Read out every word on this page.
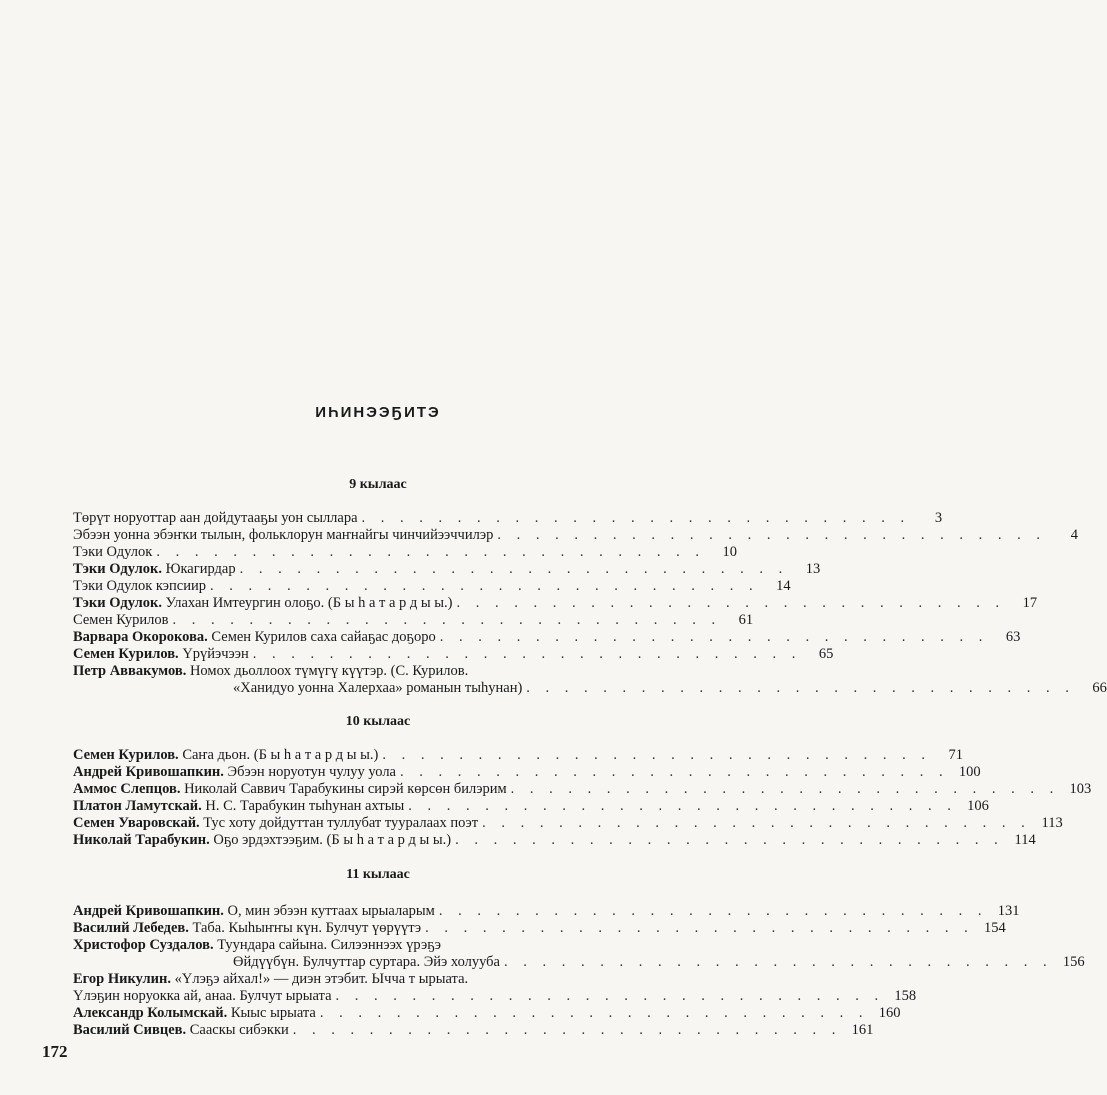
ИҺИНЭЭҔИТЭ
9 кылаас
Төрүт норуоттар аан дойдутааҕы уон сыллара . . . . . . . . . . . . . . . . . . . . . . . . . . . . .	3
Эбээн уонна эбэҥки тылын, фольклорун маҥнайгы чинчийээччилэр . . . . . . . . . . . . . . . . . . . . . . . . . . . . .	4
Тэки Одулок . . . . . . . . . . . . . . . . . . . . . . . . . . . . .	10
Тэки Одулок. Юкагирдар . . . . . . . . . . . . . . . . . . . . . . . . . . . . .	13
Тэки Одулок кэпсиир . . . . . . . . . . . . . . . . . . . . . . . . . . . . .	14
Тэки Одулок. Улахан Имтеургин олоҕо. (Б ы һ а т а р д ы ы.) . . . . . . . . . . . . . . . . . . . . . . . . . . . . .	17
Семен Курилов . . . . . . . . . . . . . . . . . . . . . . . . . . . . .	61
Варвара Окорокова. Семен Курилов саха сайаҕас доҕоро . . . . . . . . . . . . . . . . . . . . . . . . . . . . .	63
Семен Курилов. Үрүйэчээн . . . . . . . . . . . . . . . . . . . . . . . . . . . . .	65
Петр Аввакумов. Номох дьоллоох түмүгү күүтэр. (С. Курилов.
«Ханидуо уонна Халерхаа» романын тыһунан) . . . . . . . . . . . . . . . . . . . . . . . . . . . . .	66
10 кылаас
Семен Курилов. Саҥа дьон. (Б ы һ а т а р д ы ы.) . . . . . . . . . . . . . . . . . . . . . . . . . . . . .	71
Андрей Кривошапкин. Эбээн норуотун чулуу уола . . . . . . . . . . . . . . . . . . . . . . . . . . . . . 100
Аммос Слепцов. Николай Саввич Тарабукины сирэй көрсөн билэрим . . . . . . . . . . . . . . . . . . . . . . . . . . . . . 103
Платон Ламутскай. Н. С. Тарабукин тыһунан ахтыы . . . . . . . . . . . . . . . . . . . . . . . . . . . . . 106
Семен Уваровскай. Тус хоту дойдуттан туллубат тууралаах поэт . . . . . . . . . . . . . . . . . . . . . . . . . . . . . 113
Николай Тарабукин. Оҕо эрдэхтээҕим. (Б ы һ а т а р д ы ы.) . . . . . . . . . . . . . . . . . . . . . . . . . . . . . 114
11 кылаас
Андрей Кривошапкин. О, мин эбээн куттаах ырыаларым . . . . . . . . . . . . . . . . . . . . . . . . . . . . . 131
Василий Лебедев. Таба. Кыһыҥҥы күн. Булчут үөрүүтэ . . . . . . . . . . . . . . . . . . . . . . . . . . . . . 154
Христофор Суздалов. Туундара сайына. Силээннээх үрэҕэ
Өйдүүбүн. Булчуттар суртара. Эйэ холууба . . . . . . . . . . . . . . . . . . . . . . . . . . . . . 156
Егор Никулин. «Үлэҕэ айхал!» — диэн этэбит. Ычча т ырыата.
Үлэҕин норуокка ай, анаа. Булчут ырыата . . . . . . . . . . . . . . . . . . . . . . . . . . . . . 158
Александр Колымскай. Кыыс ырыата . . . . . . . . . . . . . . . . . . . . . . . . . . . . . 160
Василий Сивцев. Сааскы сибэкки . . . . . . . . . . . . . . . . . . . . . . . . . . . . . 161
172
